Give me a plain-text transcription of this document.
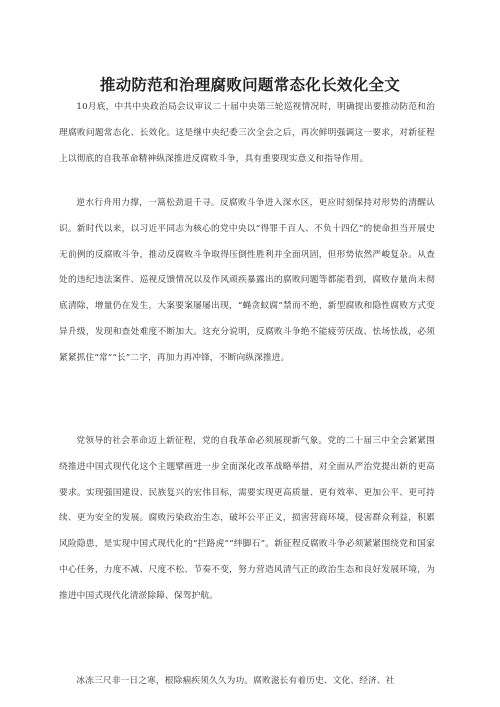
推动防范和治理腐败问题常态化长效化全文

10月底，中共中央政治局会议审议二十届中央第三轮巡视情况时，明确提出要推动防范和治理腐败问题常态化、长效化。这是继中央纪委三次全会之后，再次鲜明强调这一要求，对新征程上以彻底的自我革命精神纵深推进反腐败斗争，具有重要现实意义和指导作用。

逆水行舟用力撑，一篙松劲退千寻。反腐败斗争进入深水区，更应时刻保持对形势的清醒认识。新时代以来，以习近平同志为核心的党中央以“得罪千百人、不负十四亿”的使命担当开展史无前例的反腐败斗争，推动反腐败斗争取得压倒性胜利并全面巩固，但形势依然严峻复杂。从查处的违纪违法案件、巡视反馈情况以及作风顽疾暴露出的腐败问题等都能看到，腐败存量尚未彻底清除，增量仍在发生，大案要案屡屡出现，“蝇贪蚁腐”禁而不绝，新型腐败和隐性腐败方式变异升级，发现和查处难度不断加大。这充分说明，反腐败斗争绝不能疲劳厌战、怯场怯战，必须紧紧抓住“常”“长”二字，再加力再冲锋，不断向纵深推进。

党领导的社会革命迈上新征程，党的自我革命必须展现新气象。党的二十届三中全会紧紧围绕推进中国式现代化这个主题擘画进一步全面深化改革战略举措，对全面从严治党提出新的更高要求。实现强国建设、民族复兴的宏伟目标，需要实现更高质量、更有效率、更加公平、更可持续、更为安全的发展。腐败污染政治生态，破坏公平正义，损害营商环境，侵害群众利益，积累风险隐患，是实现中国式现代化的“拦路虎”“绊脚石”。新征程反腐败斗争必须紧紧围绕党和国家中心任务，力度不减、尺度不松、节奏不变，努力营造风清气正的政治生态和良好发展环境，为推进中国式现代化清淤除障、保驾护航。

冰冻三尺非一日之寒，根除痼疾须久久为功。腐败滋长有着历史、文化、经济、社
